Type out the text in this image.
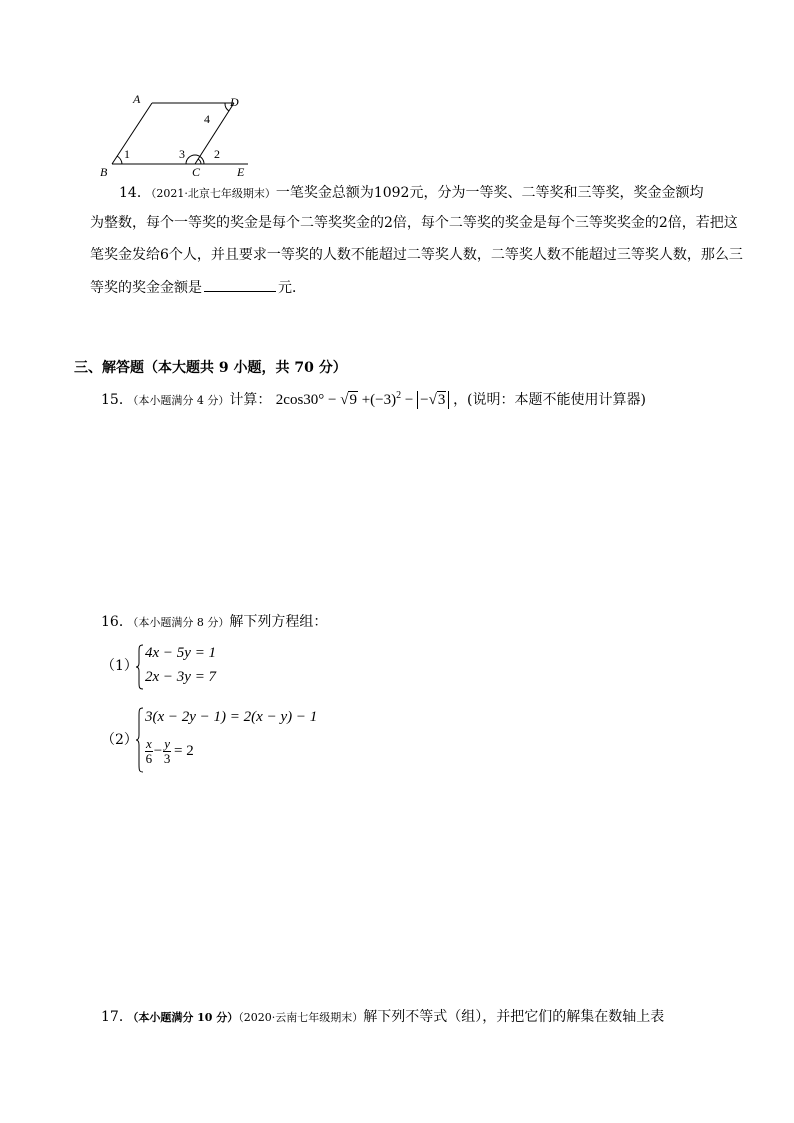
A	D
B	C	E
1	2
3
4
14．（2021·北京七年级期末）一笔奖金总额为1092元，分为一等奖、二等奖和三等奖，奖金金额均
为整数，每个一等奖的奖金是每个二等奖奖金的2倍，每个二等奖的奖金是每个三等奖奖金的2倍，若把这
笔奖金发给6个人，并且要求一等奖的人数不能超过二等奖人数，二等奖人数不能超过三等奖人数，那么三
等奖的奖金金额是	元．
三、解答题（本大题共 9 小题，共 70 分）
15．（本小题满分 4 分）计算： $2\cos 30^\circ - √9 +(-3)^2 - -√3$ ，(说明：本题不能使用计算器)
16．（本小题满分 8 分）解下列方程组：
（1）
4x − 5y = 1
2x − 3y = 7
（2）
3(x − 2y − 1) = 2(x − y) − 1
x
$6 - \frac{y}{3} = 2$
17．（本小题满分 10 分）（2020·云南七年级期末）解下列不等式（组），并把它们的解集在数轴上表
